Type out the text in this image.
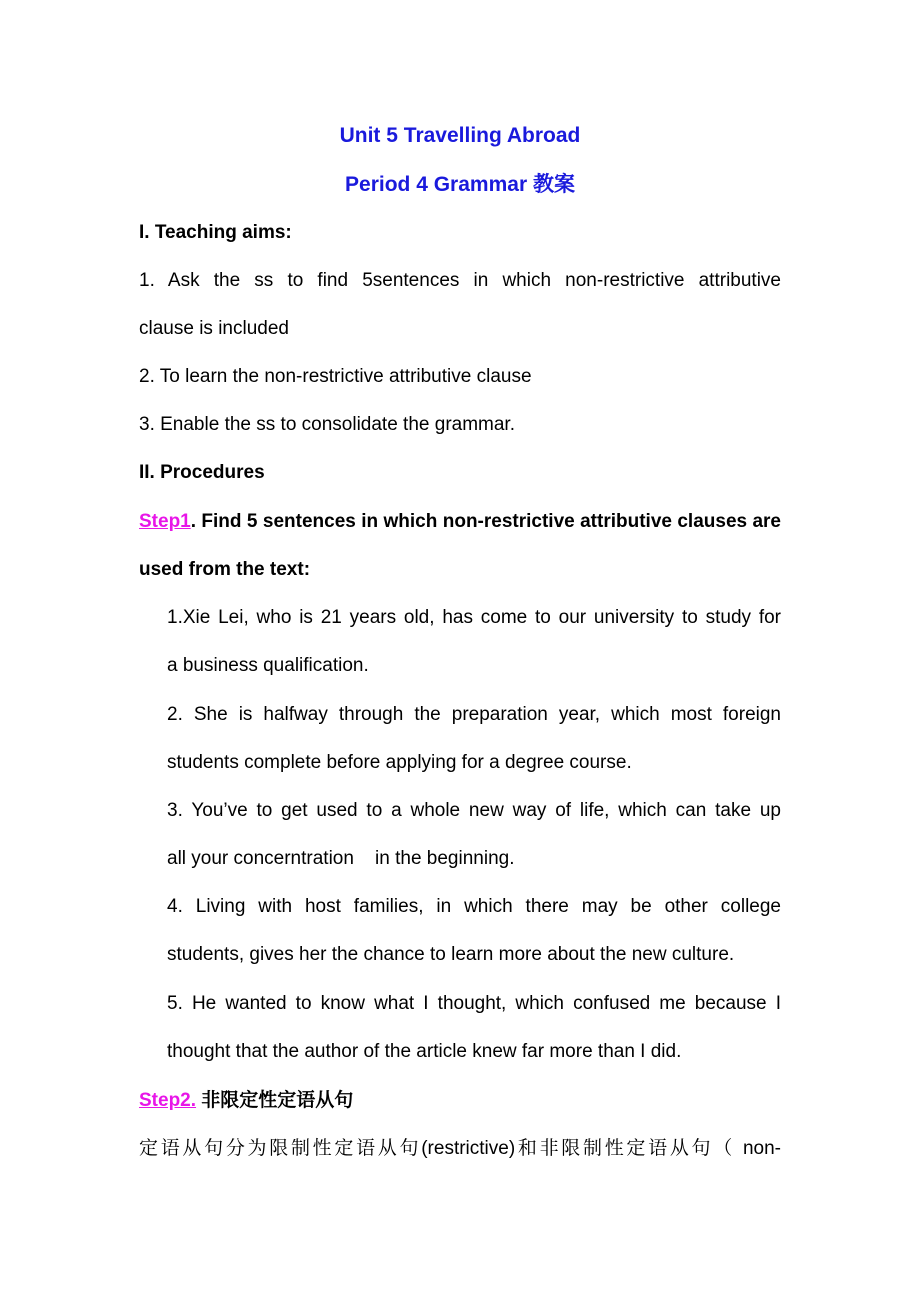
Unit 5 Travelling Abroad
Period 4 Grammar 教案
I. Teaching aims:
1. Ask the ss to find 5sentences in which non-restrictive attributive
clause is included
2. To learn the non-restrictive attributive clause
3. Enable the ss to consolidate the grammar.
II. Procedures
Step1. Find 5 sentences in which non-restrictive attributive clauses are
used from the text:
1.Xie Lei, who is 21 years old, has come to our university to study for
a business qualification.
2. She is halfway through the preparation year, which most foreign
students complete before applying for a degree course.
3. You’ve to get used to a whole new way of life, which can take up
all your concerntration    in the beginning.
4. Living with host families, in which there may be other college
students, gives her the chance to learn more about the new culture.
5. He wanted to know what I thought, which confused me because I
thought that the author of the article knew far more than I did.
Step2. 非限定性定语从句
定语从句分为限制性定语从句(restrictive)和非限制性定语从句（ non-
